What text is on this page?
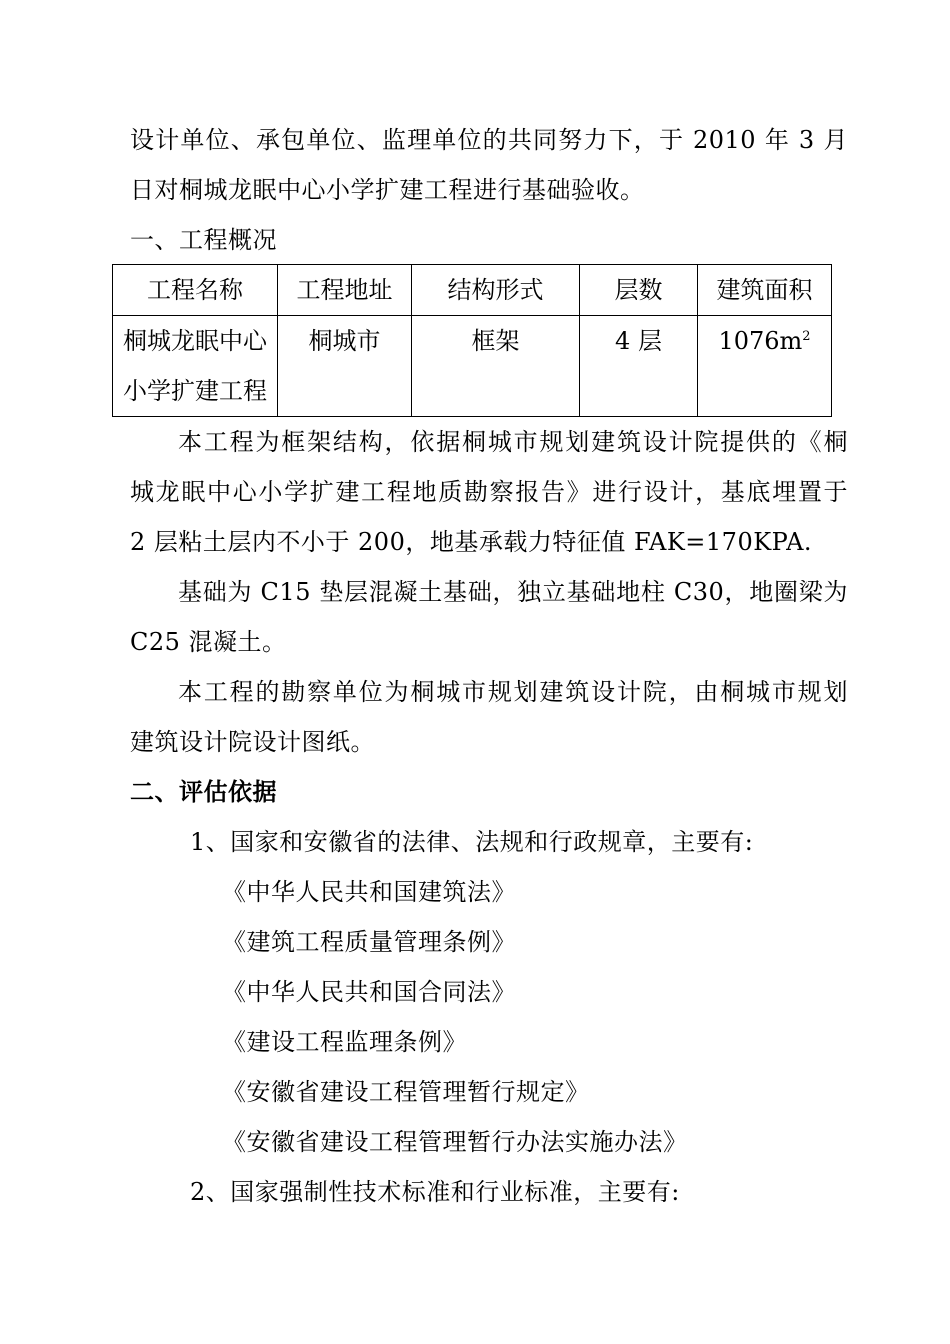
设计单位、承包单位、监理单位的共同努力下，于 2010 年 3 月
日对桐城龙眠中心小学扩建工程进行基础验收。
一、工程概况
工程名称	工程地址	结构形式	层数	建筑面积

桐城龙眠中心
小学扩建工程	桐城市	框架	4 层	$1076m^2$
本工程为框架结构，依据桐城市规划建筑设计院提供的《桐
城龙眠中心小学扩建工程地质勘察报告》进行设计，基底埋置于
2 层粘土层内不小于 200，地基承载力特征值 FAK=170KPA.
基础为 C15 垫层混凝土基础，独立基础地柱 C30，地圈梁为
C25 混凝土。
本工程的勘察单位为桐城市规划建筑设计院，由桐城市规划
建筑设计院设计图纸。
二、评估依据
1、国家和安徽省的法律、法规和行政规章，主要有:
《中华人民共和国建筑法》
《建筑工程质量管理条例》
《中华人民共和国合同法》
《建设工程监理条例》
《安徽省建设工程管理暂行规定》
《安徽省建设工程管理暂行办法实施办法》
2、国家强制性技术标准和行业标准，主要有:
